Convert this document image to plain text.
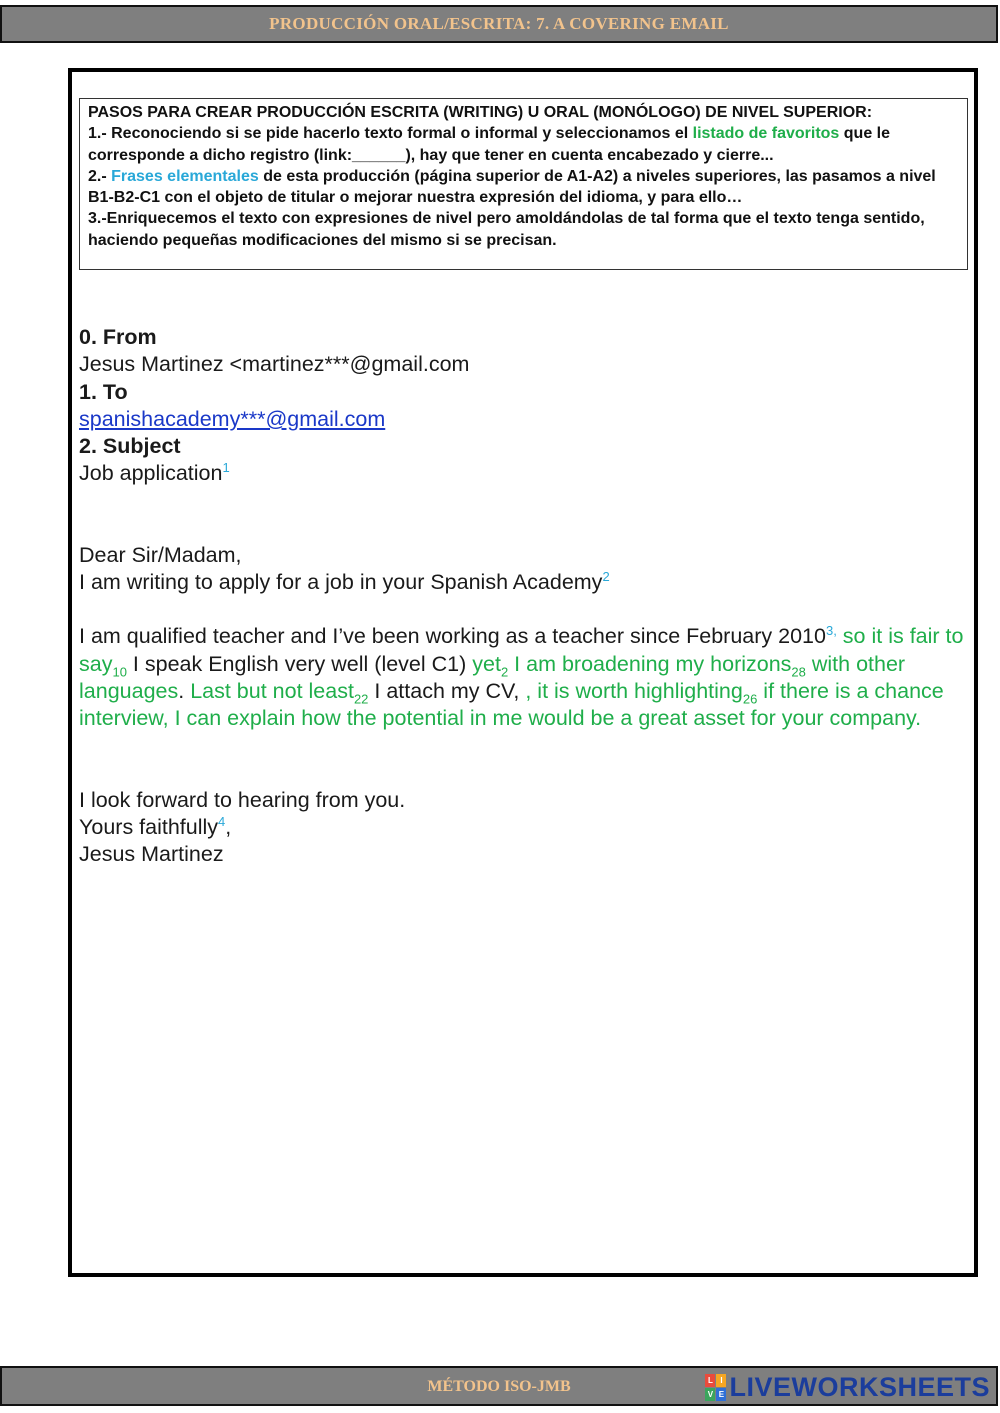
PRODUCCIÓN ORAL/ESCRITA: 7. A COVERING EMAIL
PASOS PARA CREAR PRODUCCIÓN ESCRITA (WRITING) U ORAL (MONÓLOGO) DE NIVEL SUPERIOR:
1.- Reconociendo si se pide hacerlo texto formal o informal y seleccionamos el listado de favoritos que le corresponde a dicho registro (link:______), hay que tener en cuenta encabezado y cierre...
2.- Frases elementales de esta producción (página superior de A1-A2) a niveles superiores, las pasamos a nivel B1-B2-C1 con el objeto de titular o mejorar nuestra expresión del idioma, y para ello…
3.-Enriquecemos el texto con expresiones de nivel pero amoldándolas de tal forma que el texto tenga sentido, haciendo pequeñas modificaciones del mismo si se precisan.
0. From
Jesus Martinez <martinez***@gmail.com
1. To
spanishacademy***@gmail.com
2. Subject
Job application$^1$
Dear Sir/Madam,
I am writing to apply for a job in your Spanish Academy$^2$
I am qualified teacher and I’ve been working as a teacher since February $2010^{3,}$ so it is fair to say$_{10}$ I speak English very well (level C1) yet$_2$ I am broadening my horizons$_{28}$ with other languages. Last but not least$_{22}$ I attach my CV, , it is worth highlighting$_{26}$ if there is a chance interview, I can explain how the potential in me would be a great asset for your company.
I look forward to hearing from you.
Yours faithfully$^4$,
Jesus Martinez
MÉTODO ISO-JMB	L I
V E LIVEWORKSHEETS
